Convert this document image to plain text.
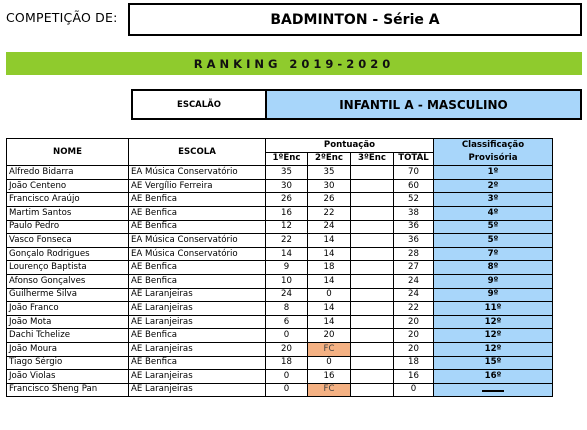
COMPETIÇÃO DE:	BADMINTON - Série A
RANKING 2019-2020
ESCALÃO	INFANTIL A - MASCULINO
NOME	ESCOLA	Pontuação				Classificação Provisória
		1ºEnc	2ºEnc	3ºEnc	TOTAL	
Alfredo Bidarra	EA Música Conservatório	35	35		70	1º
João Centeno	AE Vergílio Ferreira	30	30		60	2º
Francisco Araújo	AE Benfica	26	26		52	3º
Martim Santos	AE Benfica	16	22		38	4º
Paulo Pedro	AE Benfica	12	24		36	5º
Vasco Fonseca	EA Música Conservatório	22	14		36	5º
Gonçalo Rodrigues	EA Música Conservatório	14	14		28	7º
Lourenço Baptista	AE Benfica	9	18		27	8º
Afonso Gonçalves	AE Benfica	10	14		24	9º
Guilherme Silva	AE Laranjeiras	24	0		24	9º
João Franco	AE Laranjeiras	8	14		22	11º
João Mota	AE Laranjeiras	6	14		20	12º
Dachi Tchelize	AE Benfica	0	20		20	12º
João Moura	AE Laranjeiras	20	FC		20	12º
Tiago Sérgio	AE Benfica	18	0		18	15º
João Violas	AE Laranjeiras	0	16		16	16º
Francisco Sheng Pan	AE Laranjeiras	0	FC		0	
